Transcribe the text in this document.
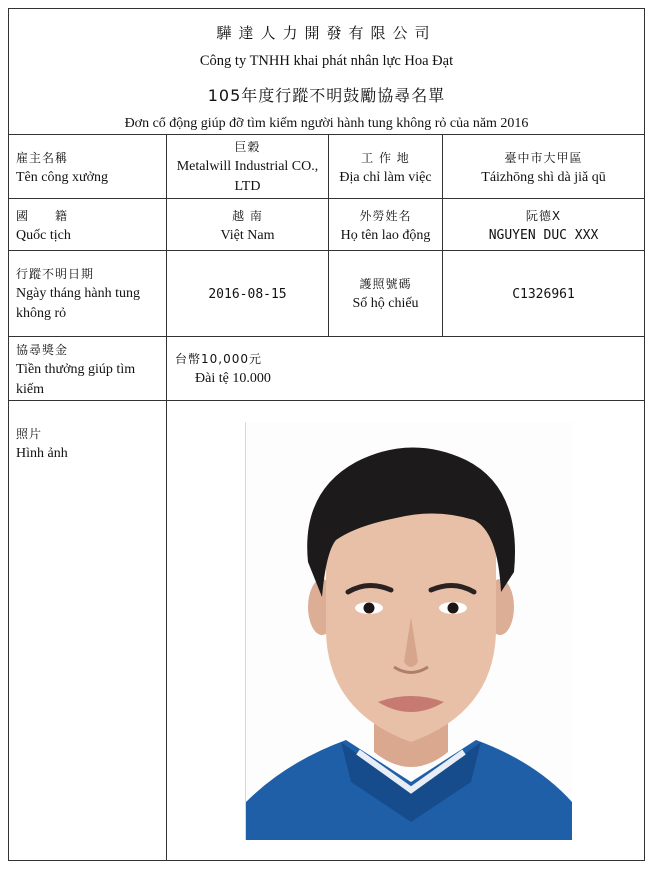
驊達人力開發有限公司
Công ty TNHH khai phát nhân lực Hoa Đạt
105年度行蹤不明鼓勵協尋名單
Đơn cổ động giúp đỡ tìm kiếm người hành tung không rỏ của năm 2016
雇主名稱
Tên công xưởng
巨穀
Metalwill Industrial CO., LTD
工 作 地
Địa chỉ làm việc
臺中市大甲區
Táizhōng shì dà jiǎ qū
國　　籍
Quốc tịch
越 南
Việt Nam
外勞姓名
Họ tên lao động
阮德X
NGUYEN DUC XXX
行蹤不明日期
Ngày tháng hành tung không rỏ
2016-08-15
護照號碼
Số hộ chiếu
C1326961
協尋獎金
Tiền thưởng giúp tìm kiếm
台幣10,000元
Đài tệ 10.000
照片
Hình ảnh
